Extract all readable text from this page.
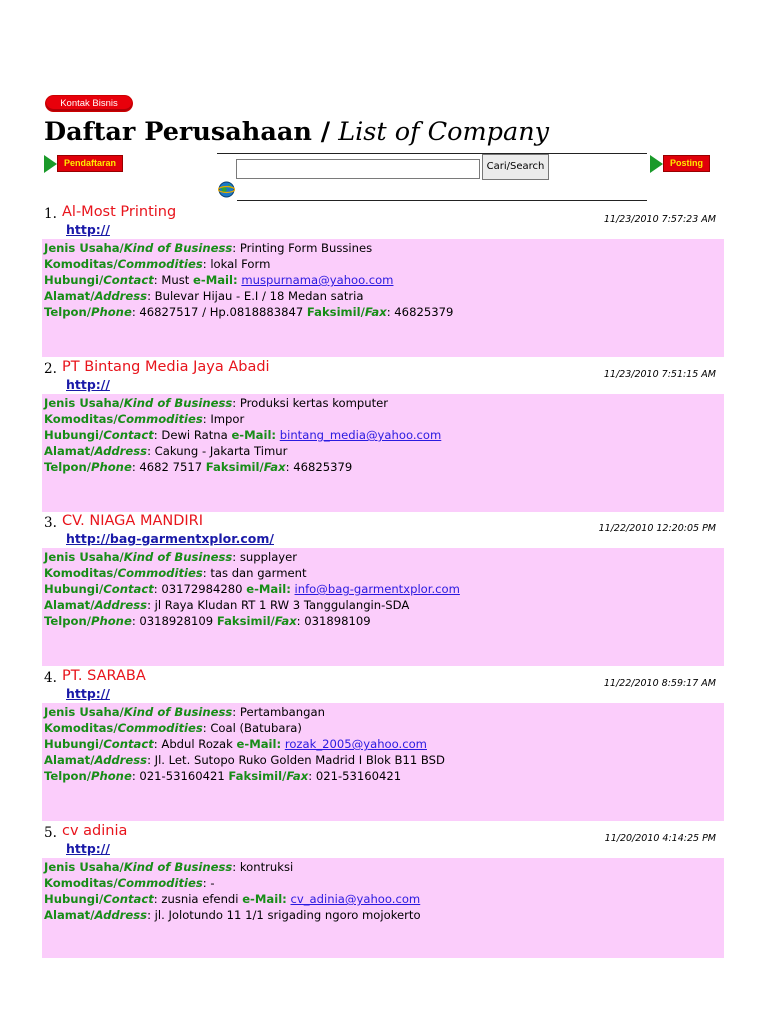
Kontak Bisnis
Daftar Perusahaan / List of Company
Pendaftaran	Cari/Search	Posting
1. Al-Most Printing	11/23/2010 7:57:23 AM
http://
Jenis Usaha/Kind of Business: Printing Form Bussines
Komoditas/Commodities: lokal Form
Hubungi/Contact: Must e-Mail: muspurnama@yahoo.com
Alamat/Address: Bulevar Hijau - E.I / 18 Medan satria
Telpon/Phone: 46827517 / Hp.0818883847 Faksimil/Fax: 46825379
2. PT Bintang Media Jaya Abadi	11/23/2010 7:51:15 AM
http://
Jenis Usaha/Kind of Business: Produksi kertas komputer
Komoditas/Commodities: Impor
Hubungi/Contact: Dewi Ratna e-Mail: bintang_media@yahoo.com
Alamat/Address: Cakung - Jakarta Timur
Telpon/Phone: 4682 7517 Faksimil/Fax: 46825379
3. CV. NIAGA MANDIRI	11/22/2010 12:20:05 PM
http://bag-garmentxplor.com/
Jenis Usaha/Kind of Business: supplayer
Komoditas/Commodities: tas dan garment
Hubungi/Contact: 03172984280 e-Mail: info@bag-garmentxplor.com
Alamat/Address: jl Raya Kludan RT 1 RW 3 Tanggulangin-SDA
Telpon/Phone: 0318928109 Faksimil/Fax: 031898109
4. PT. SARABA	11/22/2010 8:59:17 AM
http://
Jenis Usaha/Kind of Business: Pertambangan
Komoditas/Commodities: Coal (Batubara)
Hubungi/Contact: Abdul Rozak e-Mail: rozak_2005@yahoo.com
Alamat/Address: Jl. Let. Sutopo Ruko Golden Madrid I Blok B11 BSD
Telpon/Phone: 021-53160421 Faksimil/Fax: 021-53160421
5. cv adinia	11/20/2010 4:14:25 PM
http://
Jenis Usaha/Kind of Business: kontruksi
Komoditas/Commodities: -
Hubungi/Contact: zusnia efendi e-Mail: cv_adinia@yahoo.com
Alamat/Address: jl. Jolotundo 11 1/1 srigading ngoro mojokerto
